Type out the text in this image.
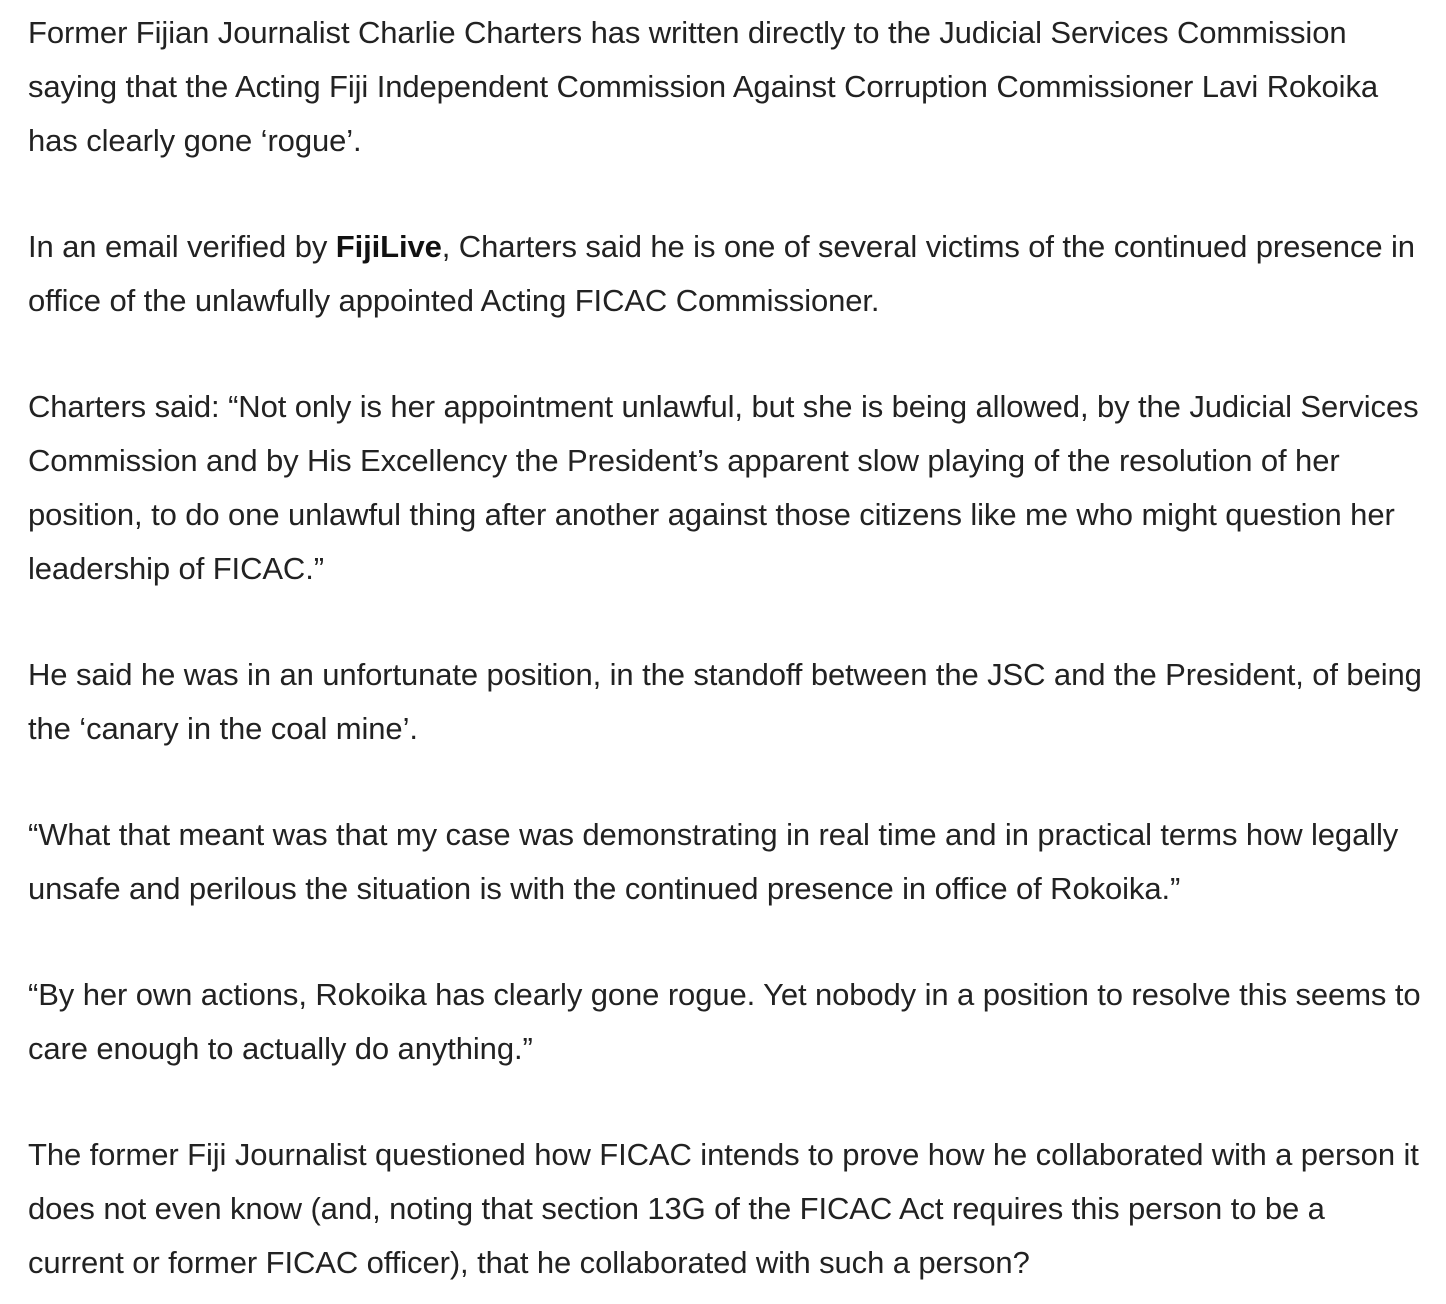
Former Fijian Journalist Charlie Charters has written directly to the Judicial Services Commission saying that the Acting Fiji Independent Commission Against Corruption Commissioner Lavi Rokoika has clearly gone ‘rogue’.

In an email verified by FijiLive, Charters said he is one of several victims of the continued presence in office of the unlawfully appointed Acting FICAC Commissioner.

Charters said: “Not only is her appointment unlawful, but she is being allowed, by the Judicial Services Commission and by His Excellency the President’s apparent slow playing of the resolution of her position, to do one unlawful thing after another against those citizens like me who might question her leadership of FICAC.”

He said he was in an unfortunate position, in the standoff between the JSC and the President, of being the ‘canary in the coal mine’.

“What that meant was that my case was demonstrating in real time and in practical terms how legally unsafe and perilous the situation is with the continued presence in office of Rokoika.”

“By her own actions, Rokoika has clearly gone rogue. Yet nobody in a position to resolve this seems to care enough to actually do anything.”

The former Fiji Journalist questioned how FICAC intends to prove how he collaborated with a person it does not even know (and, noting that section 13G of the FICAC Act requires this person to be a current or former FICAC officer), that he collaborated with such a person?
